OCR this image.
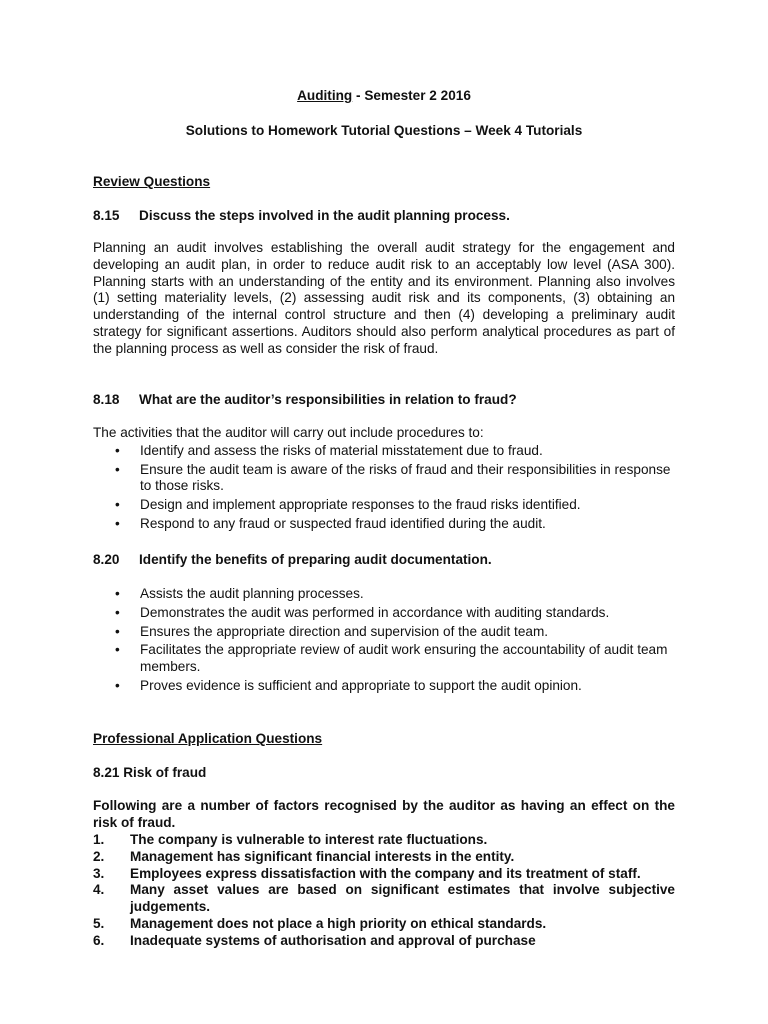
Auditing - Semester 2 2016
Solutions to Homework Tutorial Questions – Week 4 Tutorials
Review Questions
8.15 Discuss the steps involved in the audit planning process.
Planning an audit involves establishing the overall audit strategy for the engagement and developing an audit plan, in order to reduce audit risk to an acceptably low level (ASA 300). Planning starts with an understanding of the entity and its environment. Planning also involves (1) setting materiality levels, (2) assessing audit risk and its components, (3) obtaining an understanding of the internal control structure and then (4) developing a preliminary audit strategy for significant assertions. Auditors should also perform analytical procedures as part of the planning process as well as consider the risk of fraud.
8.18 What are the auditor’s responsibilities in relation to fraud?
The activities that the auditor will carry out include procedures to:
• Identify and assess the risks of material misstatement due to fraud.
• Ensure the audit team is aware of the risks of fraud and their responsibilities in response to those risks.
• Design and implement appropriate responses to the fraud risks identified.
• Respond to any fraud or suspected fraud identified during the audit.
8.20 Identify the benefits of preparing audit documentation.
• Assists the audit planning processes.
• Demonstrates the audit was performed in accordance with auditing standards.
• Ensures the appropriate direction and supervision of the audit team.
• Facilitates the appropriate review of audit work ensuring the accountability of audit team members.
• Proves evidence is sufficient and appropriate to support the audit opinion.
Professional Application Questions
8.21 Risk of fraud
Following are a number of factors recognised by the auditor as having an effect on the risk of fraud.
1. The company is vulnerable to interest rate fluctuations.
2. Management has significant financial interests in the entity.
3. Employees express dissatisfaction with the company and its treatment of staff.
4. Many asset values are based on significant estimates that involve subjective judgements.
5. Management does not place a high priority on ethical standards.
6. Inadequate systems of authorisation and approval of purchase
